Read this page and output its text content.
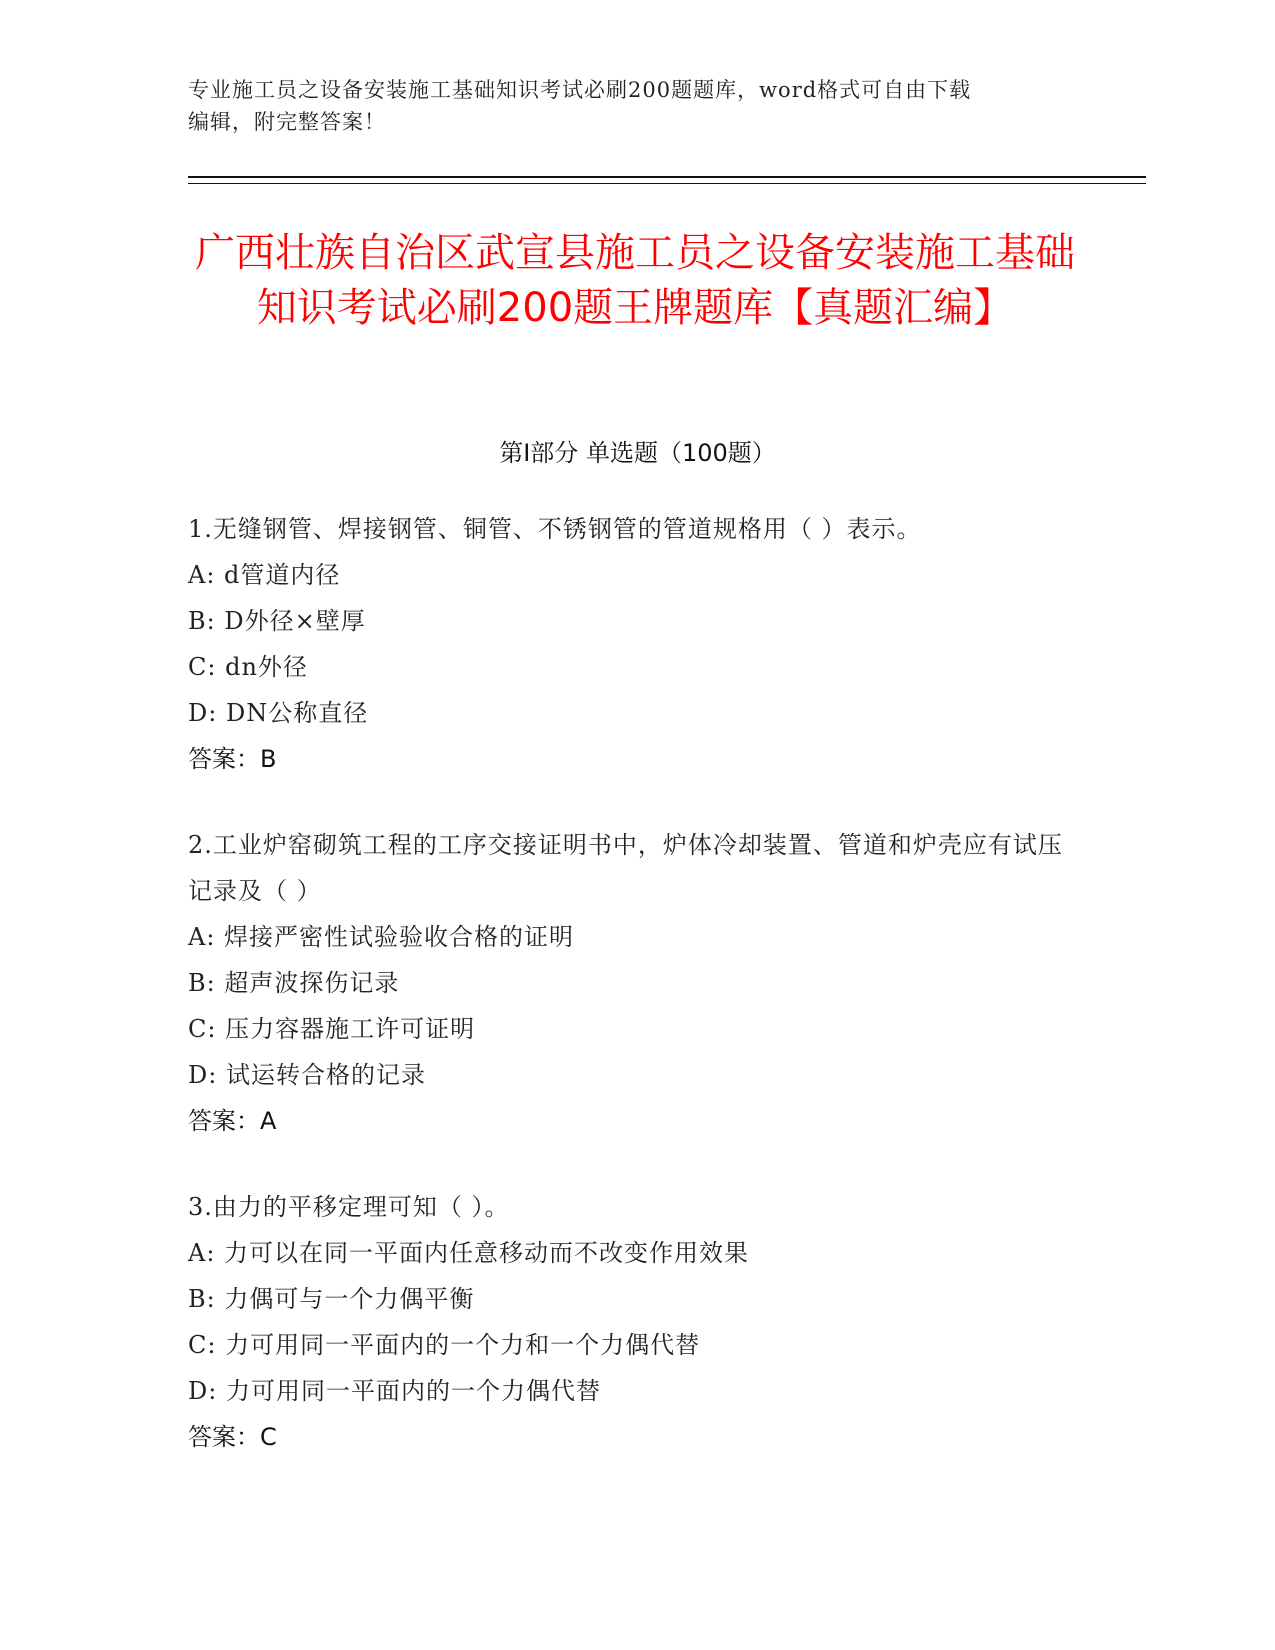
专业施工员之设备安装施工基础知识考试必刷200题题库，word格式可自由下载
编辑，附完整答案！
广西壮族自治区武宣县施工员之设备安装施工基础知识考试必刷200题王牌题库【真题汇编】
第I部分 单选题（100题）
1.无缝钢管、焊接钢管、铜管、不锈钢管的管道规格用（ ）表示。
A: d管道内径
B: D外径×壁厚
C: dn外径
D: DN公称直径
答案：B
2.工业炉窑砌筑工程的工序交接证明书中，炉体冷却装置、管道和炉壳应有试压记录及（ ）
A: 焊接严密性试验验收合格的证明
B: 超声波探伤记录
C: 压力容器施工许可证明
D: 试运转合格的记录
答案：A
3.由力的平移定理可知（ ）。
A: 力可以在同一平面内任意移动而不改变作用效果
B: 力偶可与一个力偶平衡
C: 力可用同一平面内的一个力和一个力偶代替
D: 力可用同一平面内的一个力偶代替
答案：C
